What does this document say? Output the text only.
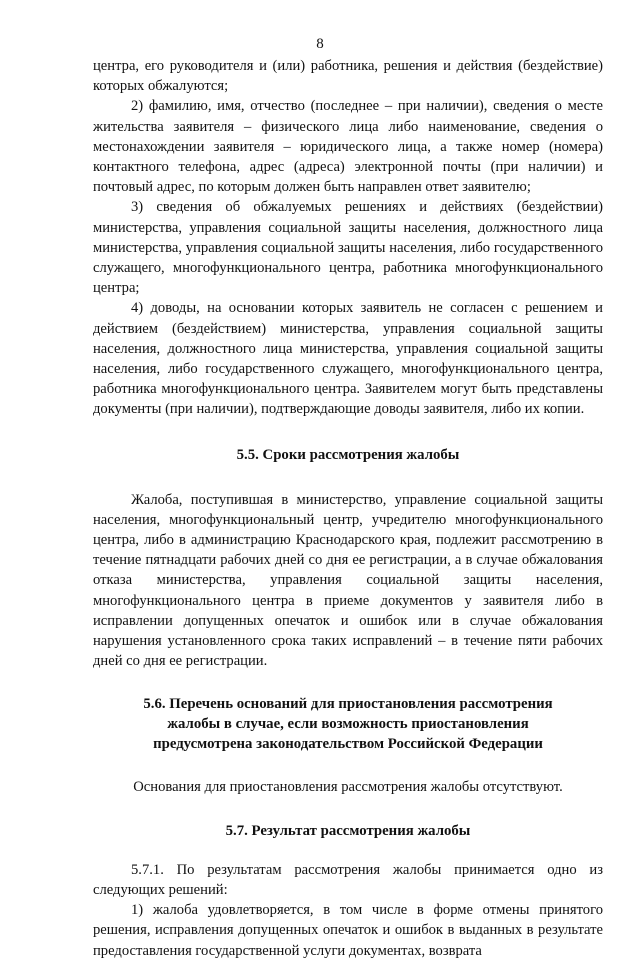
8

центра, его руководителя и (или) работника, решения и действия (бездействие) которых обжалуются;

2) фамилию, имя, отчество (последнее – при наличии), сведения о месте жительства заявителя – физического лица либо наименование, сведения о местонахождении заявителя – юридического лица, а также номер (номера) контактного телефона, адрес (адреса) электронной почты (при наличии) и почтовый адрес, по которым должен быть направлен ответ заявителю;

3) сведения об обжалуемых решениях и действиях (бездействии) министерства, управления социальной защиты населения, должностного лица министерства, управления социальной защиты населения, либо государственного служащего, многофункционального центра, работника многофункционального центра;

4) доводы, на основании которых заявитель не согласен с решением и действием (бездействием) министерства, управления социальной защиты населения, должностного лица министерства, управления социальной защиты населения, либо государственного служащего, многофункционального центра, работника многофункционального центра. Заявителем могут быть представлены документы (при наличии), подтверждающие доводы заявителя, либо их копии.

5.5. Сроки рассмотрения жалобы

Жалоба, поступившая в министерство, управление социальной защиты населения, многофункциональный центр, учредителю многофункционального центра, либо в администрацию Краснодарского края, подлежит рассмотрению в течение пятнадцати рабочих дней со дня ее регистрации, а в случае обжалования отказа министерства, управления социальной защиты населения, многофункционального центра в приеме документов у заявителя либо в исправлении допущенных опечаток и ошибок или в случае обжалования нарушения установленного срока таких исправлений – в течение пяти рабочих дней со дня ее регистрации.

5.6. Перечень оснований для приостановления рассмотрения
жалобы в случае, если возможность приостановления
предусмотрена законодательством Российской Федерации

Основания для приостановления рассмотрения жалобы отсутствуют.

5.7. Результат рассмотрения жалобы

5.7.1. По результатам рассмотрения жалобы принимается одно из следующих решений:

1) жалоба удовлетворяется, в том числе в форме отмены принятого решения, исправления допущенных опечаток и ошибок в выданных в результате предоставления государственной услуги документах, возврата
